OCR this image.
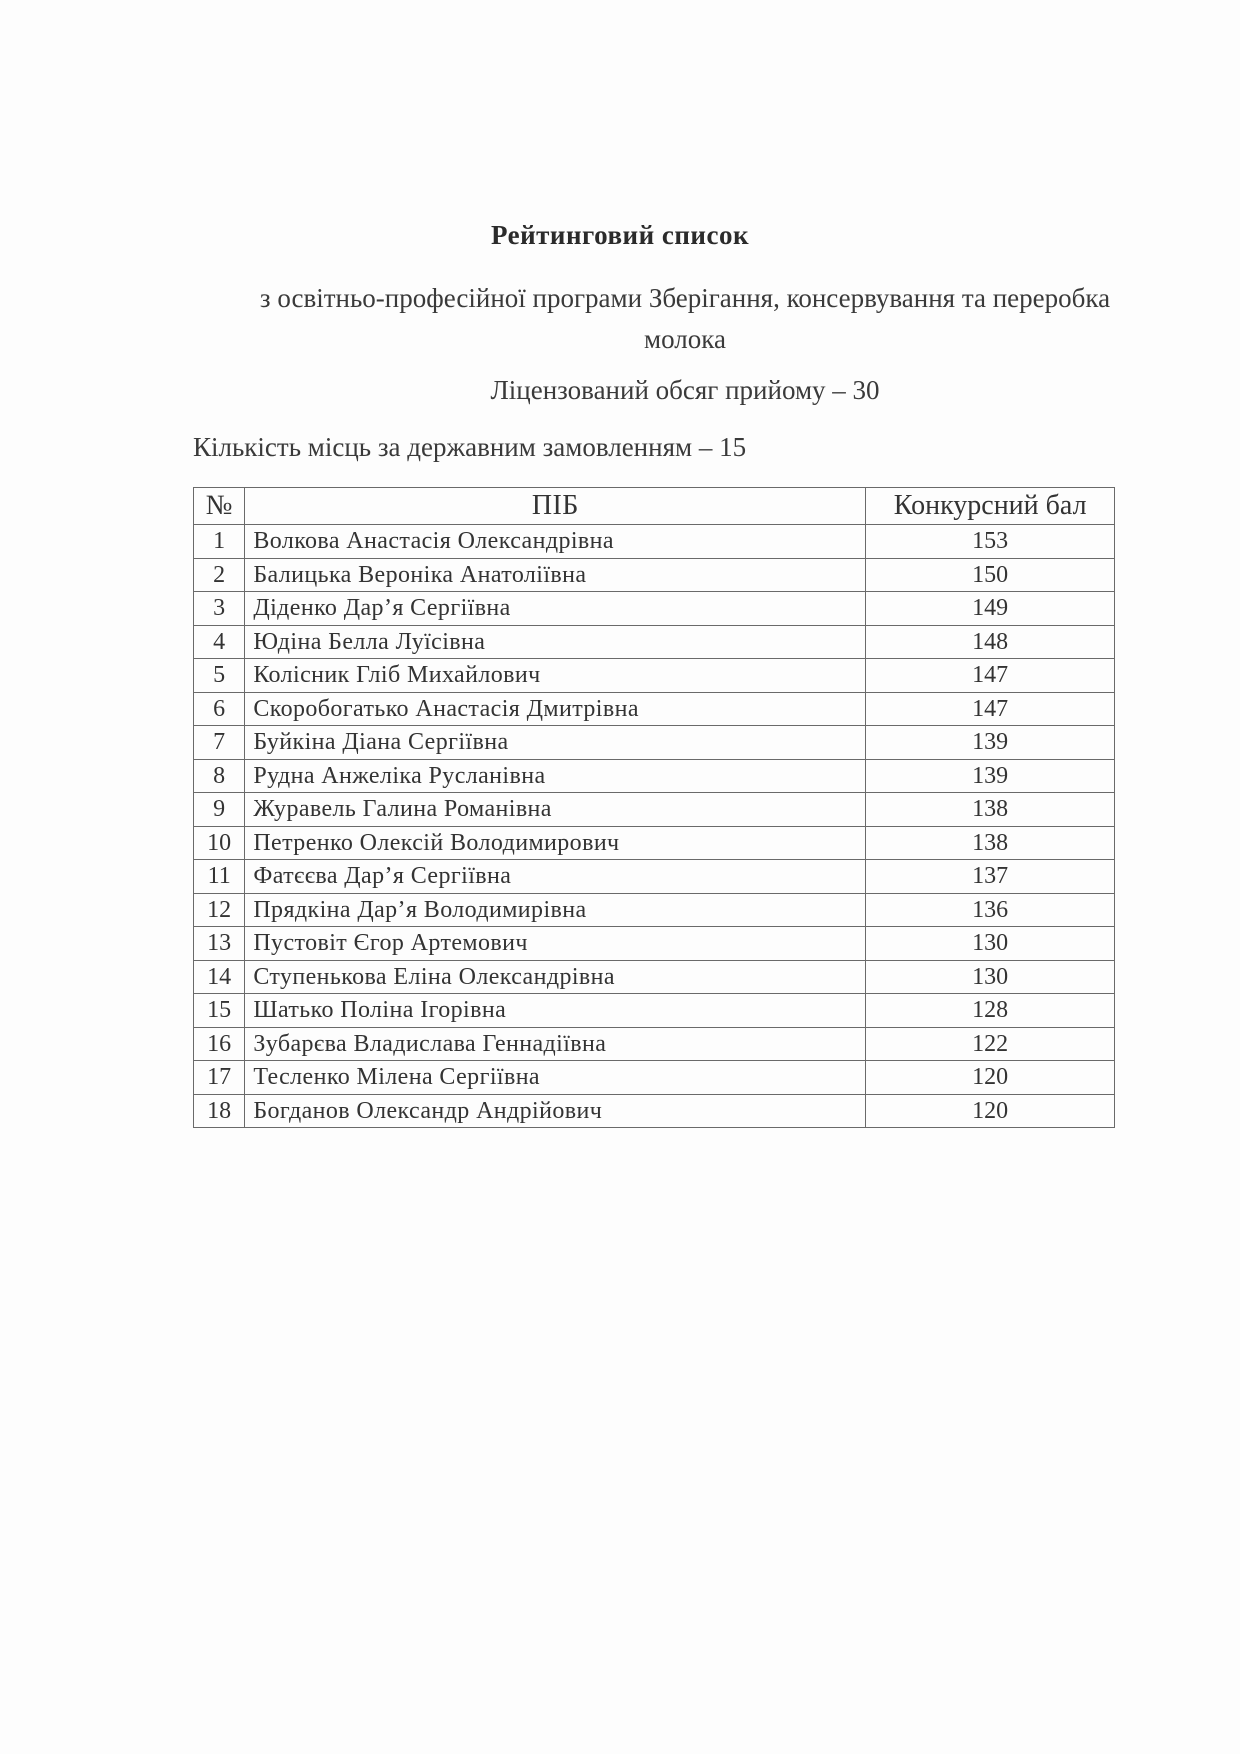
Рейтинговий список
з освітньо-професійної програми Зберігання, консервування та переробка молока
Ліцензований обсяг прийому – 30
Кількість місць за державним замовленням – 15
№	ПІБ	Конкурсний бал
1	Волкова Анастасія Олександрівна	153
2	Балицька Вероніка Анатоліївна	150
3	Діденко Дар’я Сергіївна	149
4	Юдіна Белла Луїсівна	148
5	Колісник Гліб Михайлович	147
6	Скоробогатько Анастасія Дмитрівна	147
7	Буйкіна Діана Сергіївна	139
8	Рудна Анжеліка Русланівна	139
9	Журавель Галина Романівна	138
10	Петренко Олексій Володимирович	138
11	Фатєєва Дар’я Сергіївна	137
12	Прядкіна Дар’я Володимирівна	136
13	Пустовіт Єгор Артемович	130
14	Ступенькова Еліна Олександрівна	130
15	Шатько Поліна Ігорівна	128
16	Зубарєва Владислава Геннадіївна	122
17	Тесленко Мілена Сергіївна	120
18	Богданов Олександр Андрійович	120
